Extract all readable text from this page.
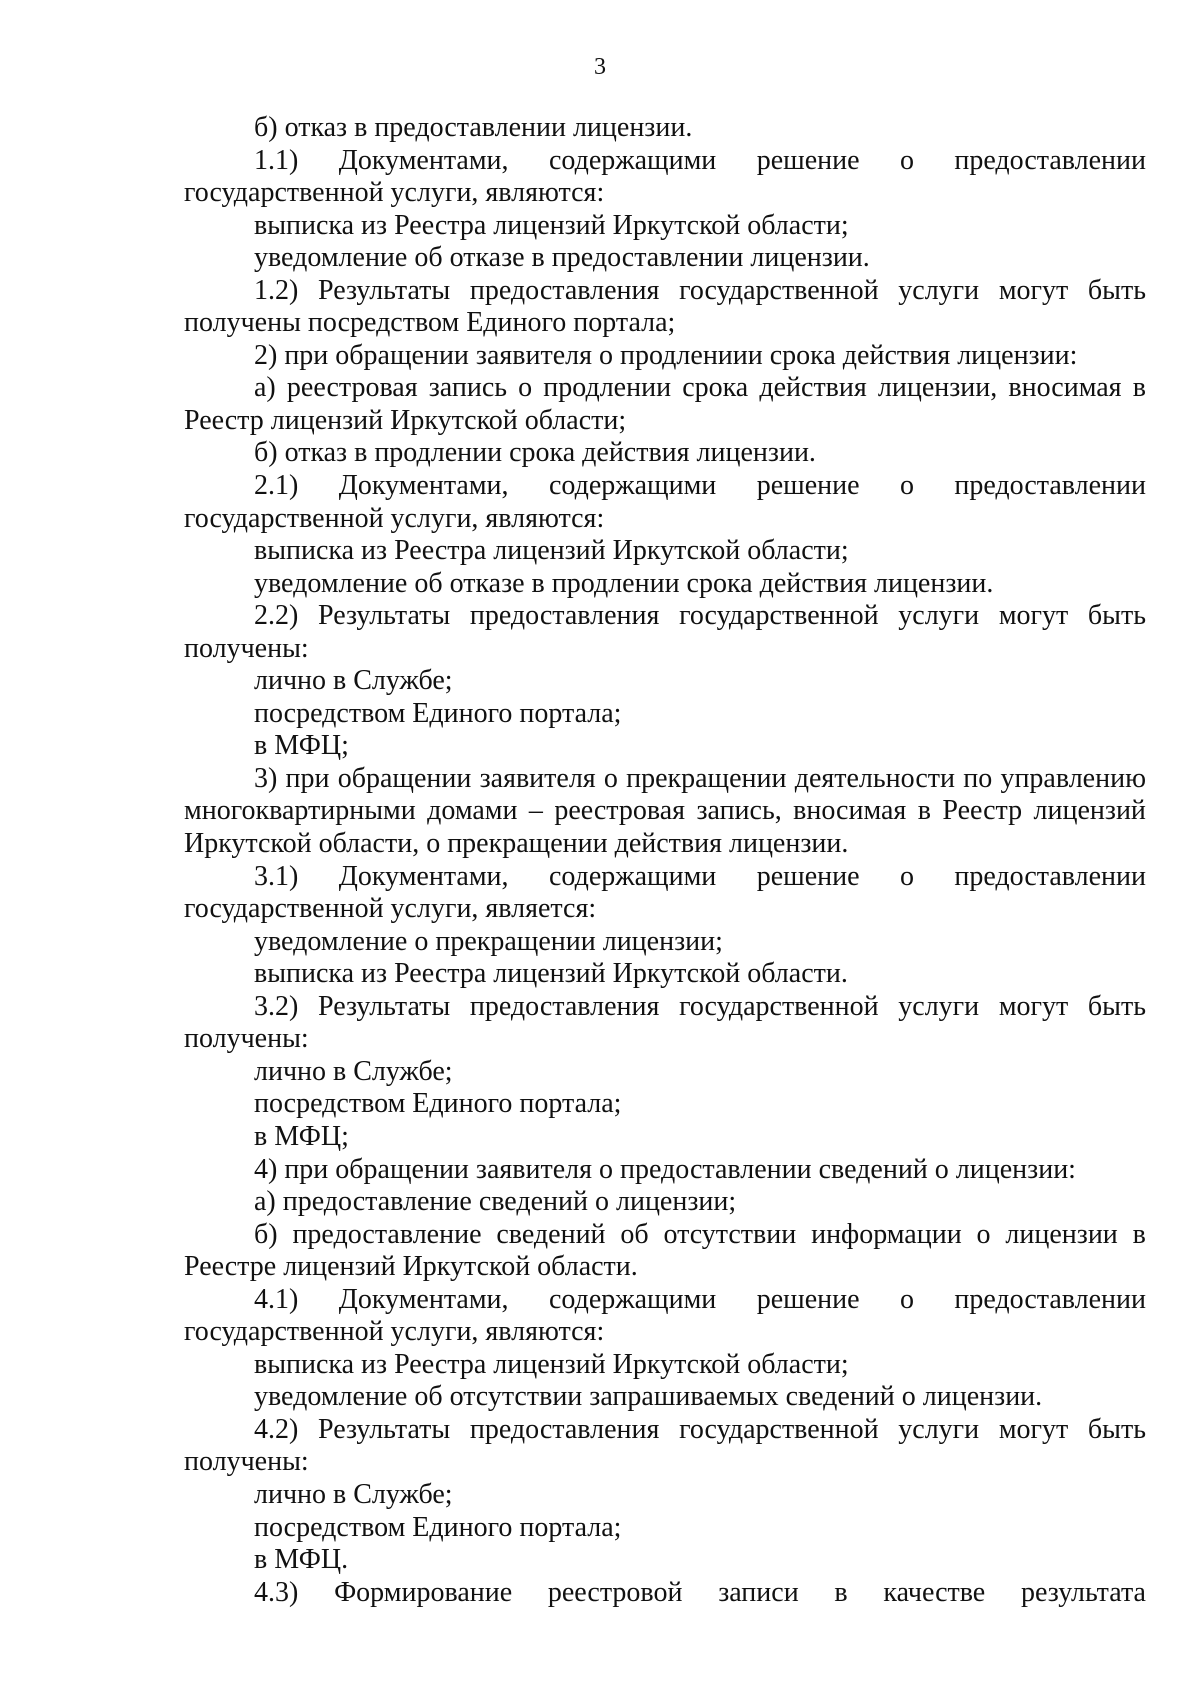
3
б) отказ в предоставлении лицензии.
1.1) Документами, содержащими решение о предоставлении
государственной услуги, являются:
выписка из Реестра лицензий Иркутской области;
уведомление об отказе в предоставлении лицензии.
1.2) Результаты предоставления государственной услуги могут быть
получены посредством Единого портала;
2) при обращении заявителя о продлениии срока действия лицензии:
а) реестровая запись о продлении срока действия лицензии, вносимая в
Реестр лицензий Иркутской области;
б) отказ в продлении срока действия лицензии.
2.1) Документами, содержащими решение о предоставлении
государственной услуги, являются:
выписка из Реестра лицензий Иркутской области;
уведомление об отказе в продлении срока действия лицензии.
2.2) Результаты предоставления государственной услуги могут быть
получены:
лично в Службе;
посредством Единого портала;
в МФЦ;
3) при обращении заявителя о прекращении деятельности по управлению
многоквартирными домами – реестровая запись, вносимая в Реестр лицензий
Иркутской области, о прекращении действия лицензии.
3.1) Документами, содержащими решение о предоставлении
государственной услуги, является:
уведомление о прекращении лицензии;
выписка из Реестра лицензий Иркутской области.
3.2) Результаты предоставления государственной услуги могут быть
получены:
лично в Службе;
посредством Единого портала;
в МФЦ;
4) при обращении заявителя о предоставлении сведений о лицензии:
а) предоставление сведений о лицензии;
б) предоставление сведений об отсутствии информации о лицензии в
Реестре лицензий Иркутской области.
4.1) Документами, содержащими решение о предоставлении
государственной услуги, являются:
выписка из Реестра лицензий Иркутской области;
уведомление об отсутствии запрашиваемых сведений о лицензии.
4.2) Результаты предоставления государственной услуги могут быть
получены:
лично в Службе;
посредством Единого портала;
в МФЦ.
4.3) Формирование реестровой записи в качестве результата
